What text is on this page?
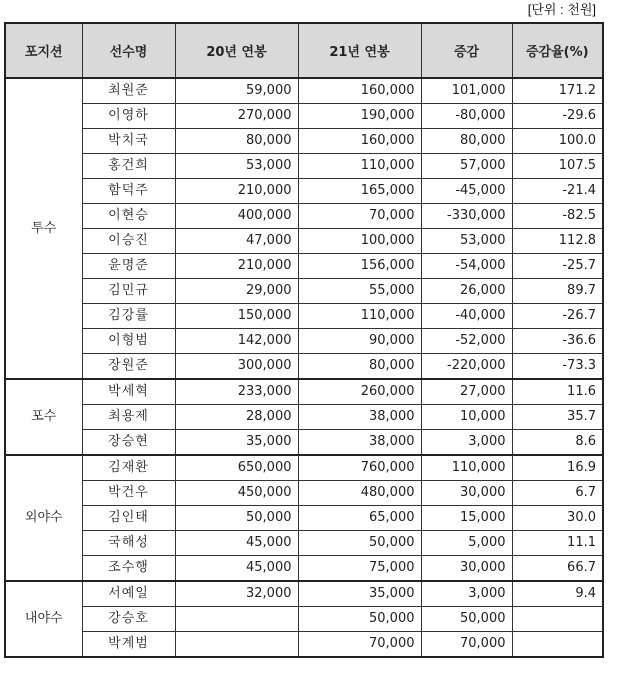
[단위 : 천원]
포지션	선수명	20년 연봉	21년 연봉	증감	증감율(%)
투수	최원준	59,000	160,000	101,000	171.2
	이영하	270,000	190,000	-80,000	-29.6
	박치국	80,000	160,000	80,000	100.0
	홍건희	53,000	110,000	57,000	107.5
	함덕주	210,000	165,000	-45,000	-21.4
	이현승	400,000	70,000	-330,000	-82.5
	이승진	47,000	100,000	53,000	112.8
	윤명준	210,000	156,000	-54,000	-25.7
	김민규	29,000	55,000	26,000	89.7
	김강률	150,000	110,000	-40,000	-26.7
	이형범	142,000	90,000	-52,000	-36.6
	장원준	300,000	80,000	-220,000	-73.3
포수	박세혁	233,000	260,000	27,000	11.6
	최용제	28,000	38,000	10,000	35.7
	장승현	35,000	38,000	3,000	8.6
외야수	김재환	650,000	760,000	110,000	16.9
	박건우	450,000	480,000	30,000	6.7
	김인태	50,000	65,000	15,000	30.0
	국해성	45,000	50,000	5,000	11.1
	조수행	45,000	75,000	30,000	66.7
내야수	서예일	32,000	35,000	3,000	9.4
	강승호		50,000	50,000	
	박계범		70,000	70,000	
